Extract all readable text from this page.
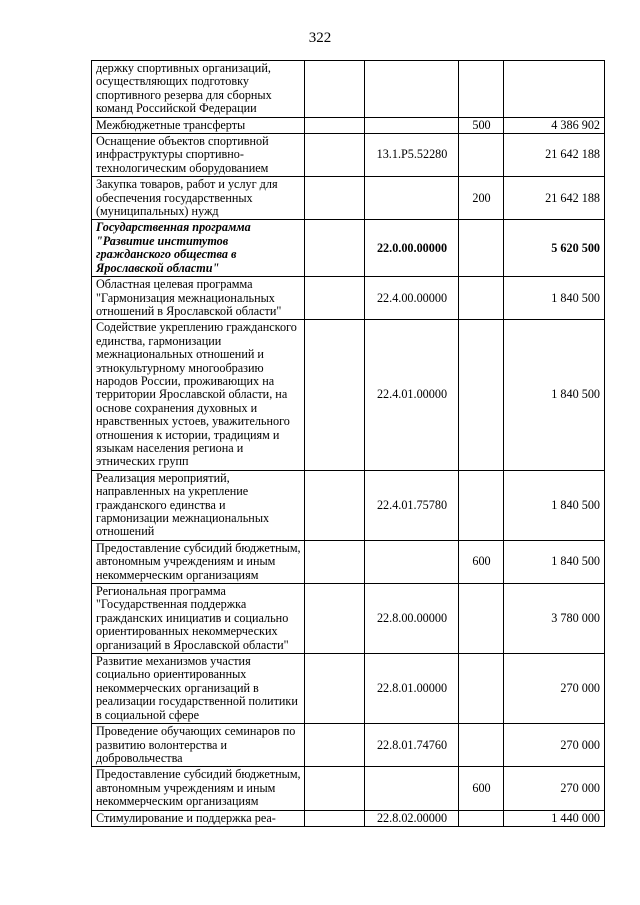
322
держку спортивных организаций, осуществляющих подготовку спортивного резерва для сборных команд Российской Федерации				
Межбюджетные трансферты			500	4 386 902
Оснащение объектов спортивной инфраструктуры спортивно-технологическим оборудованием		13.1.P5.52280		21 642 188
Закупка товаров, работ и услуг для обеспечения государственных (муниципальных) нужд			200	21 642 188
Государственная программа "Развитие институтов гражданского общества в Ярославской области"		22.0.00.00000		5 620 500
Областная целевая программа "Гармонизация межнациональных отношений в Ярославской области"		22.4.00.00000		1 840 500
Содействие укреплению гражданского единства, гармонизации межнациональных отношений и этнокультурному многообразию народов России, проживающих на территории Ярославской области, на основе сохранения духовных и нравственных устоев, уважительного отношения к истории, традициям и языкам населения региона и этнических групп		22.4.01.00000		1 840 500
Реализация мероприятий, направленных на укрепление гражданского единства и гармонизации межнациональных отношений		22.4.01.75780		1 840 500
Предоставление субсидий бюджетным, автономным учреждениям и иным некоммерческим организациям			600	1 840 500
Региональная программа "Государственная поддержка гражданских инициатив и социально ориентированных некоммерческих организаций в Ярославской области"		22.8.00.00000		3 780 000
Развитие механизмов участия социально ориентированных некоммерческих организаций в реализации государственной политики в социальной сфере		22.8.01.00000		270 000
Проведение обучающих семинаров по развитию волонтерства и добровольчества		22.8.01.74760		270 000
Предоставление субсидий бюджетным, автономным учреждениям и иным некоммерческим организациям			600	270 000
Стимулирование и поддержка реа-		22.8.02.00000		1 440 000
